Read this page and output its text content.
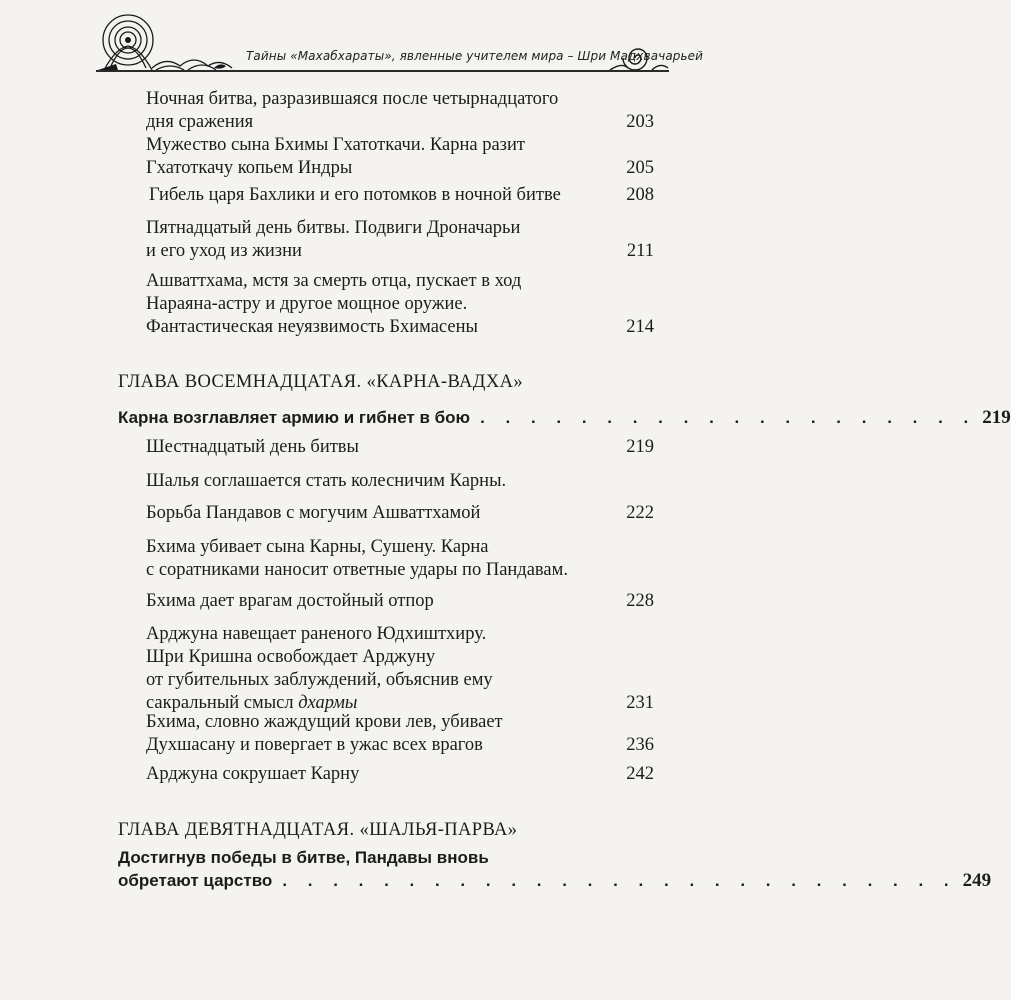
Тайны «Махабхараты», явленные учителем мира – Шри Мадхвачарьей
Ночная битва, разразившаяся после четырнадцатого
дня сражения	203
Мужество сына Бхимы Гхатоткачи. Карна разит
Гхатоткачу копьем Индры	205
Гибель царя Бахлики и его потомков в ночной битве	208
Пятнадцатый день битвы. Подвиги Дроначарьи
и его уход из жизни	211
Ашваттхама, мстя за смерть отца, пускает в ход
Нараяна-астру и другое мощное оружие.
Фантастическая неуязвимость Бхимасены	214
ГЛАВА ВОСЕМНАДЦАТАЯ. «КАРНА-ВАДХА»
Карна возглавляет армию и гибнет в бою . . . . . . . . . . . . . . . . . . . . 219
Шестнадцатый день битвы	219
Шалья соглашается стать колесничим Карны.
Борьба Пандавов с могучим Ашваттхамой	222
Бхима убивает сына Карны, Сушену. Карна
с соратниками наносит ответные удары по Пандавам.
Бхима дает врагам достойный отпор	228
Арджуна навещает раненого Юдхиштхиру.
Шри Кришна освобождает Арджуну
от губительных заблуждений, объяснив ему
сакральный смысл дхармы	231
Бхима, словно жаждущий крови лев, убивает
Духшасану и повергает в ужас всех врагов	236
Арджуна сокрушает Карну	242
ГЛАВА ДЕВЯТНАДЦАТАЯ. «ШАЛЬЯ-ПАРВА»
Достигнув победы в битве, Пандавы вновь
обретают царство . . . . . . . . . . . . . . . . . . . . . . . . . . . 249
